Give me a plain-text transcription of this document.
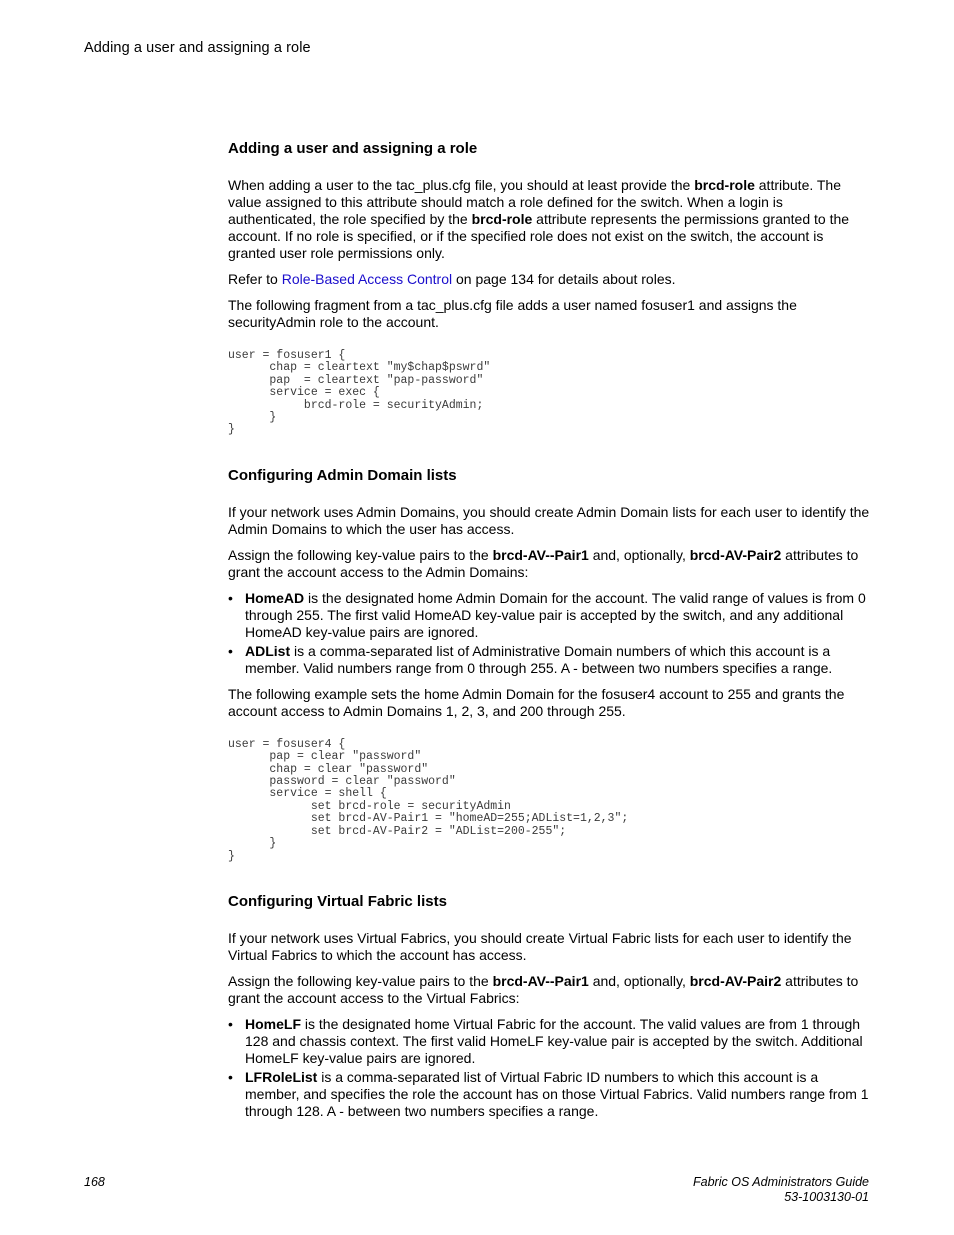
Adding a user and assigning a role
Adding a user and assigning a role

When adding a user to the tac_plus.cfg file, you should at least provide the brcd-role attribute. The value assigned to this attribute should match a role defined for the switch. When a login is authenticated, the role specified by the brcd-role attribute represents the permissions granted to the account. If no role is specified, or if the specified role does not exist on the switch, the account is granted user role permissions only.

Refer to Role-Based Access Control on page 134 for details about roles.

The following fragment from a tac_plus.cfg file adds a user named fosuser1 and assigns the securityAdmin role to the account.

user = fosuser1 {
chap = cleartext "my$chap$pswrd"
pap  = cleartext "pap-password"
service = exec {
brcd-role = securityAdmin;
}
}
Configuring Admin Domain lists

If your network uses Admin Domains, you should create Admin Domain lists for each user to identify the Admin Domains to which the user has access.

Assign the following key-value pairs to the brcd-AV--Pair1 and, optionally, brcd-AV-Pair2 attributes to grant the account access to the Admin Domains:

• HomeAD is the designated home Admin Domain for the account. The valid range of values is from 0 through 255. The first valid HomeAD key-value pair is accepted by the switch, and any additional HomeAD key-value pairs are ignored.
• ADList is a comma-separated list of Administrative Domain numbers of which this account is a member. Valid numbers range from 0 through 255. A - between two numbers specifies a range.

The following example sets the home Admin Domain for the fosuser4 account to 255 and grants the account access to Admin Domains 1, 2, 3, and 200 through 255.

user = fosuser4 {
pap = clear "password"
chap = clear "password"
password = clear "password"
service = shell {
set brcd-role = securityAdmin
set brcd-AV-Pair1 = "homeAD=255;ADList=1,2,3";
set brcd-AV-Pair2 = "ADList=200-255";
}
}
Configuring Virtual Fabric lists

If your network uses Virtual Fabrics, you should create Virtual Fabric lists for each user to identify the Virtual Fabrics to which the account has access.

Assign the following key-value pairs to the brcd-AV--Pair1 and, optionally, brcd-AV-Pair2 attributes to grant the account access to the Virtual Fabrics:

• HomeLF is the designated home Virtual Fabric for the account. The valid values are from 1 through 128 and chassis context. The first valid HomeLF key-value pair is accepted by the switch. Additional HomeLF key-value pairs are ignored.
• LFRoleList is a comma-separated list of Virtual Fabric ID numbers to which this account is a member, and specifies the role the account has on those Virtual Fabrics. Valid numbers range from 1 through 128. A - between two numbers specifies a range.
168	Fabric OS Administrators Guide
53-1003130-01
